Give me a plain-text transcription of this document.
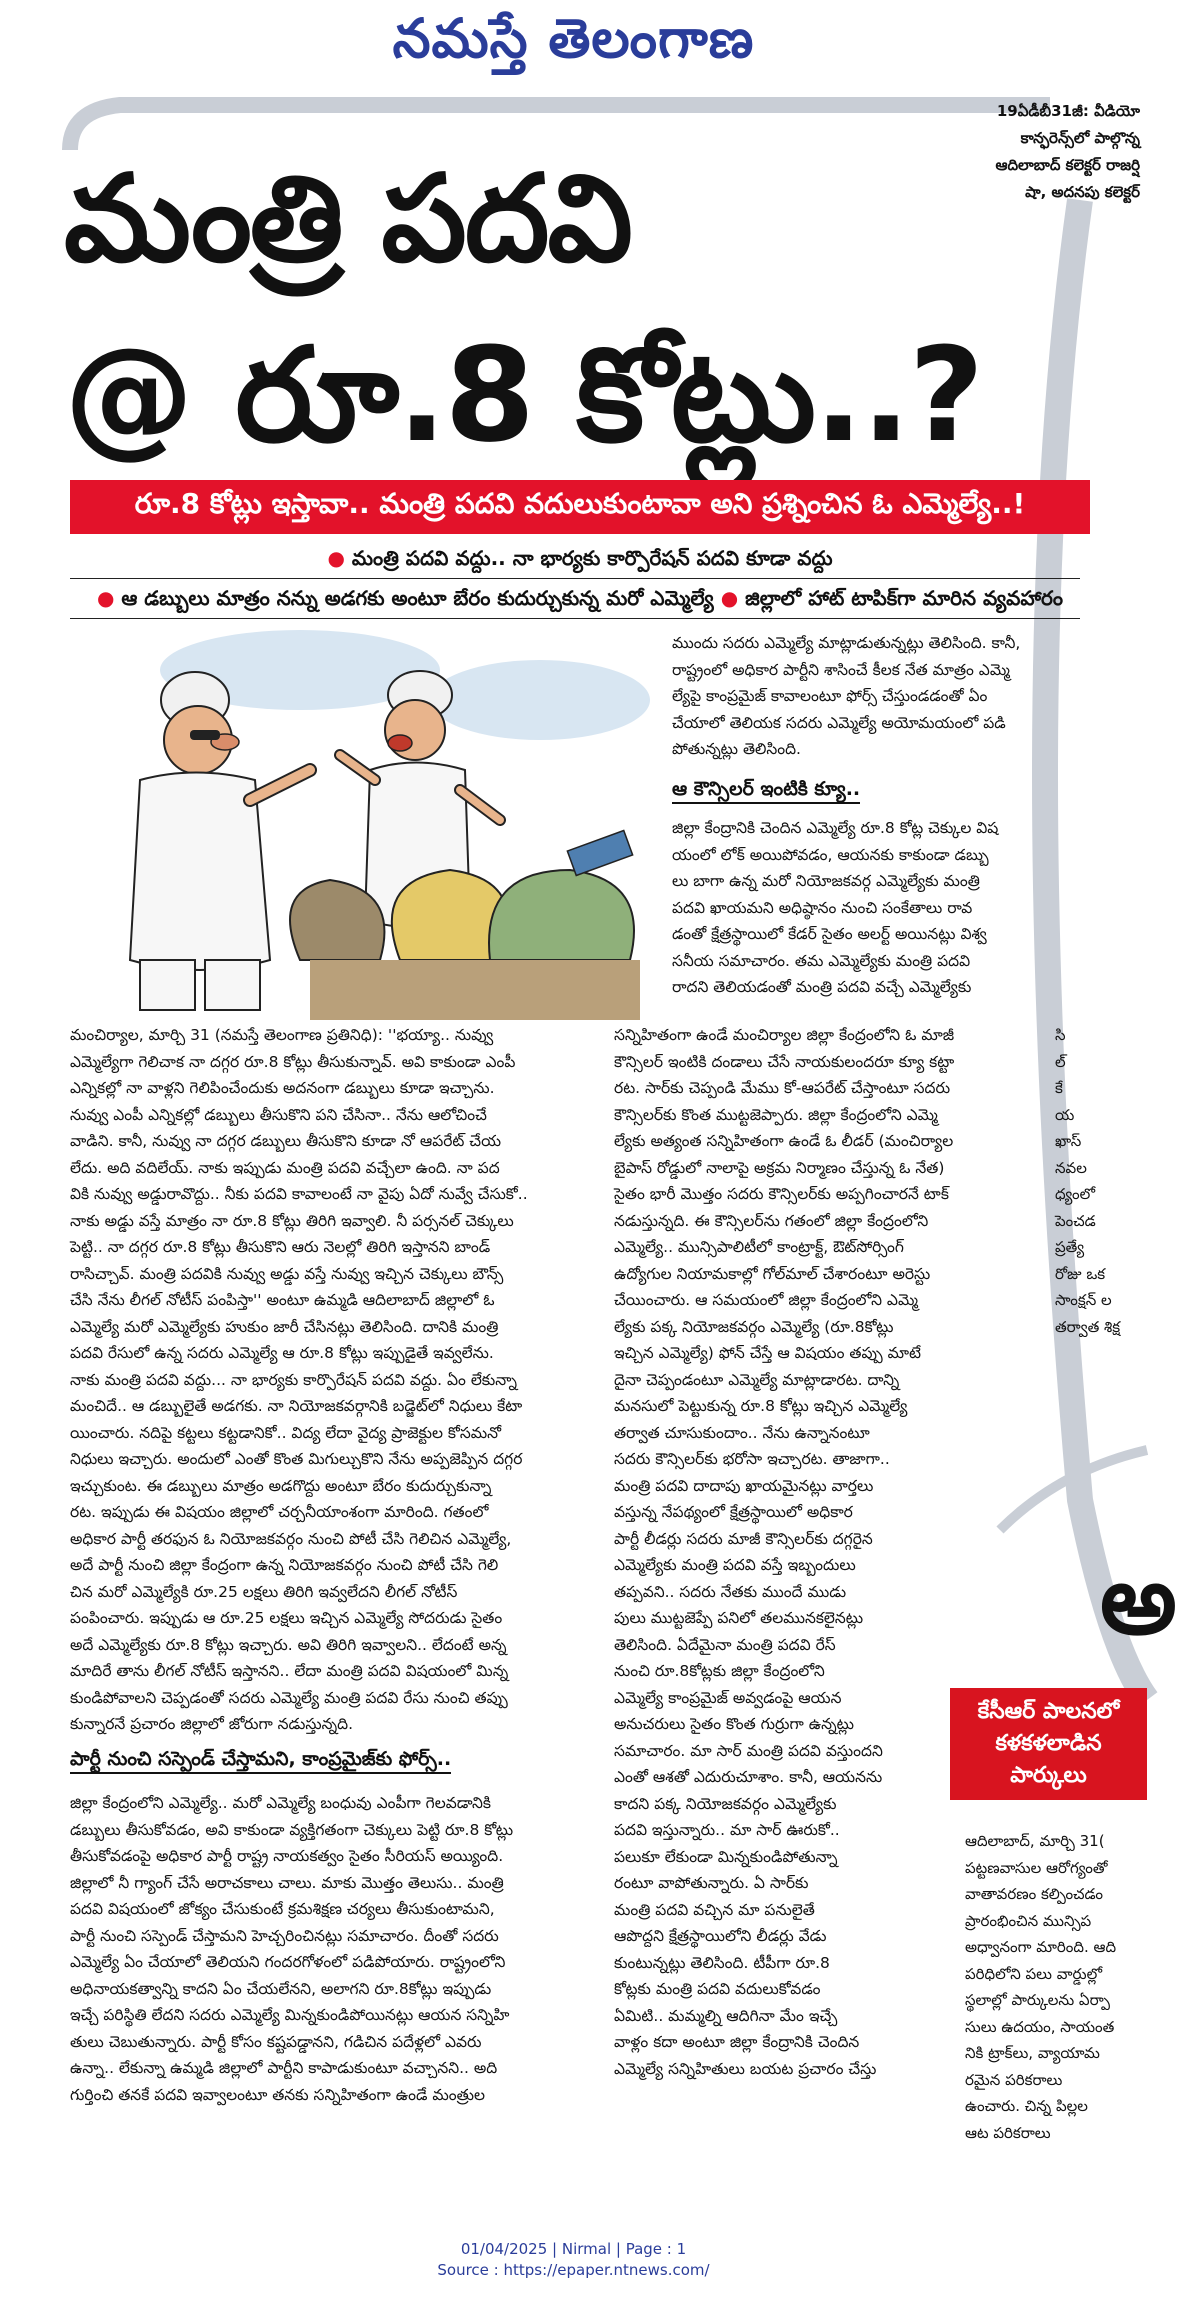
నమస్తే తెలంగాణ
19ఏడీబీ31జీ: వీడియో
కాన్ఫరెన్స్‌లో పాల్గొన్న
ఆదిలాబాద్ కలెక్టర్ రాజర్షి
షా, అదనపు కలెక్టర్
మంత్రి పదవి
@ రూ.8 కోట్లు..?
రూ.8 కోట్లు ఇస్తావా.. మంత్రి పదవి వదులుకుంటావా అని ప్రశ్నించిన ఓ ఎమ్మెల్యే..!
● మంత్రి పదవి వద్దు.. నా భార్యకు కార్పొరేషన్ పదవి కూడా వద్దు
● ఆ డబ్బులు మాత్రం నన్ను అడగకు అంటూ బేరం కుదుర్చుకున్న మరో ఎమ్మెల్యే ● జిల్లాలో హాట్ టాపిక్‌గా మారిన వ్యవహారం

ముందు సదరు ఎమ్మెల్యే మాట్లాడుతున్నట్లు తెలిసింది. కానీ,

రాష్ట్రంలో అధికార పార్టీని శాసించే కీలక నేత మాత్రం ఎమ్మె

ల్యేపై కాంప్రమైజ్ కావాలంటూ ఫోర్స్ చేస్తుండడంతో ఏం

చేయాలో తెలియక సదరు ఎమ్మెల్యే అయోమయంలో పడి

పోతున్నట్లు తెలిసింది.

ఆ కౌన్సిలర్ ఇంటికి క్యూ..

జిల్లా కేంద్రానికి చెందిన ఎమ్మెల్యే రూ.8 కోట్ల చెక్కుల విష

యంలో లోక్ అయిపోవడం, ఆయనకు కాకుండా డబ్బు

లు బాగా ఉన్న మరో నియోజకవర్గ ఎమ్మెల్యేకు మంత్రి

పదవి ఖాయమని అధిష్ఠానం నుంచి సంకేతాలు రావ

డంతో క్షేత్రస్థాయిలో కేడర్ సైతం అలర్ట్ అయినట్లు విశ్వ

సనీయ సమాచారం. తమ ఎమ్మెల్యేకు మంత్రి పదవి

రాదని తెలియడంతో మంత్రి పదవి వచ్చే ఎమ్మెల్యేకు

మంచిర్యాల, మార్చి 31 (నమస్తే తెలంగాణ ప్రతినిధి): ''భయ్యా.. నువ్వు

ఎమ్మెల్యేగా గెలిచాక నా దగ్గర రూ.8 కోట్లు తీసుకున్నావ్. అవి కాకుండా ఎంపీ

ఎన్నికల్లో నా వాళ్లని గెలిపించేందుకు అదనంగా డబ్బులు కూడా ఇచ్చాను.

నువ్వు ఎంపీ ఎన్నికల్లో డబ్బులు తీసుకొని పని చేసినా.. నేను ఆలోచించే

వాడిని. కానీ, నువ్వు నా దగ్గర డబ్బులు తీసుకొని కూడా నో ఆపరేట్ చేయ

లేదు. అది వదిలేయ్. నాకు ఇప్పుడు మంత్రి పదవి వచ్చేలా ఉంది. నా పద

వికి నువ్వు అడ్డురావొద్దు.. నీకు పదవి కావాలంటే నా వైపు ఏదో నువ్వే చేసుకో..

నాకు అడ్డు వస్తే మాత్రం నా రూ.8 కోట్లు తిరిగి ఇవ్వాలి. నీ పర్సనల్ చెక్కులు

పెట్టి.. నా దగ్గర రూ.8 కోట్లు తీసుకొని ఆరు నెలల్లో తిరిగి ఇస్తానని బాండ్

రాసిచ్చావ్. మంత్రి పదవికి నువ్వు అడ్డు వస్తే నువ్వు ఇచ్చిన చెక్కులు బౌన్స్

చేసి నేను లీగల్ నోటీస్ పంపిస్తా'' అంటూ ఉమ్మడి ఆదిలాబాద్ జిల్లాలో ఓ

ఎమ్మెల్యే మరో ఎమ్మెల్యేకు హుకుం జారీ చేసినట్లు తెలిసింది. దానికి మంత్రి

పదవి రేసులో ఉన్న సదరు ఎమ్మెల్యే ఆ రూ.8 కోట్లు ఇప్పుడైతే ఇవ్వలేను.

నాకు మంత్రి పదవి వద్దు... నా భార్యకు కార్పొరేషన్ పదవి వద్దు. ఏం లేకున్నా

మంచిదే.. ఆ డబ్బులైతే అడగకు. నా నియోజకవర్గానికి బడ్జెట్‌లో నిధులు కేటా

యించారు. నదిపై కట్టలు కట్టడానికో.. విద్య లేదా వైద్య ప్రాజెక్టుల కోసమనో

నిధులు ఇచ్చారు. అందులో ఎంతో కొంత మిగుల్చుకొని నేను అప్పజెప్పిన దగ్గర

ఇచ్చుకుంట. ఈ డబ్బులు మాత్రం అడగొద్దు అంటూ బేరం కుదుర్చుకున్నా

రట. ఇప్పుడు ఈ విషయం జిల్లాలో చర్చనీయాంశంగా మారింది. గతంలో

అధికార పార్టీ తరఫున ఓ నియోజకవర్గం నుంచి పోటీ చేసి గెలిచిన ఎమ్మెల్యే,

అదే పార్టీ నుంచి జిల్లా కేంద్రంగా ఉన్న నియోజకవర్గం నుంచి పోటీ చేసి గెలి

చిన మరో ఎమ్మెల్యేకి రూ.25 లక్షలు తిరిగి ఇవ్వలేదని లీగల్ నోటీస్

పంపించారు. ఇప్పుడు ఆ రూ.25 లక్షలు ఇచ్చిన ఎమ్మెల్యే సోదరుడు సైతం

అదే ఎమ్మెల్యేకు రూ.8 కోట్లు ఇచ్చారు. అవి తిరిగి ఇవ్వాలని.. లేదంటే అన్న

మాదిరే తాను లీగల్ నోటీస్ ఇస్తానని.. లేదా మంత్రి పదవి విషయంలో మిన్న

కుండిపోవాలని చెప్పడంతో సదరు ఎమ్మెల్యే మంత్రి పదవి రేసు నుంచి తప్పు

కున్నారనే ప్రచారం జిల్లాలో జోరుగా నడుస్తున్నది.

పార్టీ నుంచి సస్పెండ్ చేస్తామని, కాంప్రమైజ్‌కు ఫోర్స్..

జిల్లా కేంద్రంలోని ఎమ్మెల్యే.. మరో ఎమ్మెల్యే బంధువు ఎంపీగా గెలవడానికి

డబ్బులు తీసుకోవడం, అవి కాకుండా వ్యక్తిగతంగా చెక్కులు పెట్టి రూ.8 కోట్లు

తీసుకోవడంపై అధికార పార్టీ రాష్ట్ర నాయకత్వం సైతం సీరియస్ అయ్యింది.

జిల్లాలో నీ గ్యాంగ్ చేసే అరాచకాలు చాలు. మాకు మొత్తం తెలుసు.. మంత్రి

పదవి విషయంలో జోక్యం చేసుకుంటే క్రమశిక్షణ చర్యలు తీసుకుంటామని,

పార్టీ నుంచి సస్పెండ్ చేస్తామని హెచ్చరించినట్లు సమాచారం. దీంతో సదరు

ఎమ్మెల్యే ఏం చేయాలో తెలియని గందరగోళంలో పడిపోయారు. రాష్ట్రంలోని

అధినాయకత్వాన్ని కాదని ఏం చేయలేనని, అలాగని రూ.8కోట్లు ఇప్పుడు

ఇచ్చే పరిస్థితి లేదని సదరు ఎమ్మెల్యే మిన్నకుండిపోయినట్లు ఆయన సన్నిహి

తులు చెబుతున్నారు. పార్టీ కోసం కష్టపడ్డానని, గడిచిన పదేళ్లలో ఎవరు

ఉన్నా.. లేకున్నా ఉమ్మడి జిల్లాలో పార్టీని కాపాడుకుంటూ వచ్చానని.. అది

గుర్తించి తనకే పదవి ఇవ్వాలంటూ తనకు సన్నిహితంగా ఉండే మంత్రుల

సన్నిహితంగా ఉండే మంచిర్యాల జిల్లా కేంద్రంలోని ఓ మాజీ

కౌన్సిలర్ ఇంటికి దండాలు చేసే నాయకులందరూ క్యూ కట్టా

రట. సార్‌కు చెప్పండి మేము కో-ఆపరేట్ చేస్తాంటూ సదరు

కౌన్సిలర్‌కు కొంత ముట్టజెప్పారు. జిల్లా కేంద్రంలోని ఎమ్మె

ల్యేకు అత్యంత సన్నిహితంగా ఉండే ఓ లీడర్ (మంచిర్యాల

బైపాస్ రోడ్డులో నాలాపై అక్రమ నిర్మాణం చేస్తున్న ఓ నేత)

సైతం భారీ మొత్తం సదరు కౌన్సిలర్‌కు అప్పగించారనే టాక్

నడుస్తున్నది. ఈ కౌన్సిలర్‌ను గతంలో జిల్లా కేంద్రంలోని

ఎమ్మెల్యే.. మున్సిపాలిటీలో కాంట్రాక్ట్, ఔట్‌సోర్సింగ్

ఉద్యోగుల నియామకాల్లో గోల్‌మాల్ చేశారంటూ అరెస్టు

చేయించారు. ఆ సమయంలో జిల్లా కేంద్రంలోని ఎమ్మె

ల్యేకు పక్క నియోజకవర్గం ఎమ్మెల్యే (రూ.8కోట్లు

ఇచ్చిన ఎమ్మెల్యే) ఫోన్ చేస్తే ఆ విషయం తప్పు మాటే

దైనా చెప్పండంటూ ఎమ్మెల్యే మాట్లాడారట. దాన్ని

మనసులో పెట్టుకున్న రూ.8 కోట్లు ఇచ్చిన ఎమ్మెల్యే

తర్వాత చూసుకుందాం.. నేను ఉన్నానంటూ

సదరు కౌన్సిలర్‌కు భరోసా ఇచ్చారట. తాజాగా..

మంత్రి పదవి దాదాపు ఖాయమైనట్లు వార్తలు

వస్తున్న నేపథ్యంలో క్షేత్రస్థాయిలో అధికార

పార్టీ లీడర్లు సదరు మాజీ కౌన్సిలర్‌కు దగ్గరైన

ఎమ్మెల్యేకు మంత్రి పదవి వస్తే ఇబ్బందులు

తప్పవని.. సదరు నేతకు ముందే ముడు

పులు ముట్టజెప్పే పనిలో తలమునకలైనట్లు

తెలిసింది. ఏదేమైనా మంత్రి పదవి రేస్

నుంచి రూ.8కోట్లకు జిల్లా కేంద్రంలోని

ఎమ్మెల్యే కాంప్రమైజ్ అవ్వడంపై ఆయన

అనుచరులు సైతం కొంత గుర్రుగా ఉన్నట్లు

సమాచారం. మా సార్ మంత్రి పదవి వస్తుందని

ఎంతో ఆశతో ఎదురుచూశాం. కానీ, ఆయనను

కాదని పక్క నియోజకవర్గం ఎమ్మెల్యేకు

పదవి ఇస్తున్నారు.. మా సార్ ఊరుకో..

పలుకూ లేకుండా మిన్నకుండిపోతున్నా

రంటూ వాపోతున్నారు. ఏ సార్‌కు

మంత్రి పదవి వచ్చిన మా పనులైతే

ఆపొద్దని క్షేత్రస్థాయిలోని లీడర్లు వేడు

కుంటున్నట్లు తెలిసింది. టీపీగా రూ.8

కోట్లకు మంత్రి పదవి వదులుకోవడం

ఏమిటి.. మమ్మల్ని ఆదిగినా మేం ఇచ్చే

వాళ్లం కదా అంటూ జిల్లా కేంద్రానికి చెందిన

ఎమ్మెల్యే సన్నిహితులు బయట ప్రచారం చేస్తు

సి
ల్
కే
య
ఖాస్
నవల
ధ్యంలో
పెంచడ
ప్రత్యే
రోజు ఒక
సాంక్షన్ ల
తర్వాత శిక్ష
అ
కేసీఆర్ పాలనలో
కళకళలాడిన
పార్కులు
ఆదిలాబాద్, మార్చి 31(
పట్టణవాసుల ఆరోగ్యంతో
వాతావరణం కల్పించడం
ప్రారంభించిన మున్సిప
అధ్వానంగా మారింది. ఆది
పరిధిలోని పలు వార్డుల్లో
స్థలాల్లో పార్కులను ఏర్పా
సులు ఉదయం, సాయంత
నికి ట్రాక్‌లు, వ్యాయామ
రమైన పరికరాలు
ఉంచారు. చిన్న పిల్లల
ఆట పరికరాలు
01/04/2025 | Nirmal | Page : 1
Source : https://epaper.ntnews.com/
